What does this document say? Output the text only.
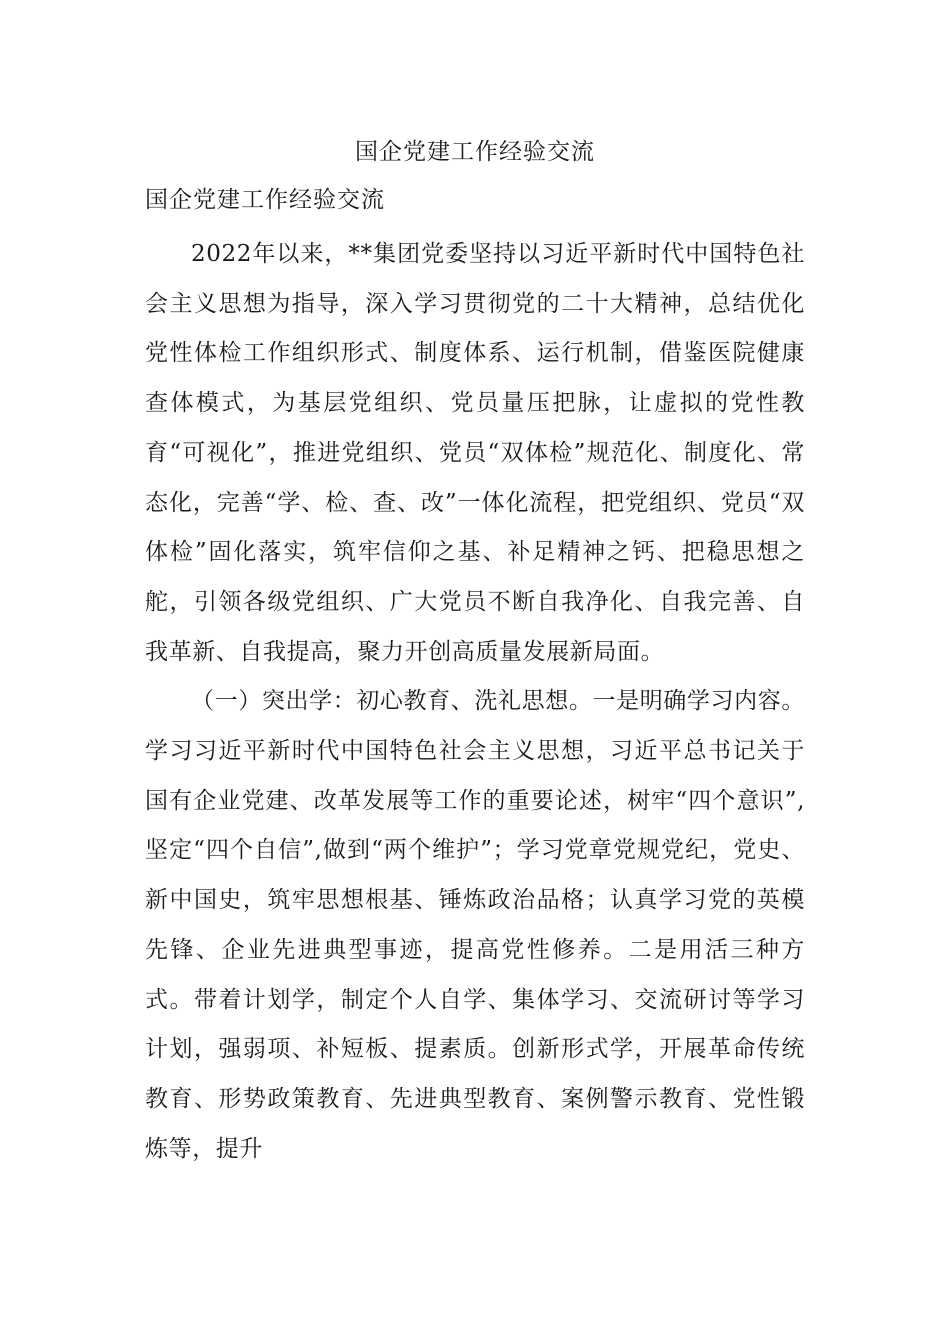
国企党建工作经验交流
国企党建工作经验交流

2022年以来，**集团党委坚持以习近平新时代中国特色社会主义思想为指导，深入学习贯彻党的二十大精神，总结优化党性体检工作组织形式、制度体系、运行机制，借鉴医院健康查体模式，为基层党组织、党员量压把脉，让虚拟的党性教育“可视化”，推进党组织、党员“双体检”规范化、制度化、常态化，完善“学、检、查、改”一体化流程，把党组织、党员“双体检”固化落实，筑牢信仰之基、补足精神之钙、把稳思想之舵，引领各级党组织、广大党员不断自我净化、自我完善、自我革新、自我提高，聚力开创高质量发展新局面。

（一）突出学：初心教育、洗礼思想。一是明确学习内容。学习习近平新时代中国特色社会主义思想，习近平总书记关于国有企业党建、改革发展等工作的重要论述，树牢“四个意识”,坚定“四个自信”,做到“两个维护”；学习党章党规党纪，党史、新中国史，筑牢思想根基、锤炼政治品格；认真学习党的英模先锋、企业先进典型事迹，提高党性修养。二是用活三种方式。带着计划学，制定个人自学、集体学习、交流研讨等学习计划，强弱项、补短板、提素质。创新形式学，开展革命传统教育、形势政策教育、先进典型教育、案例警示教育、党性锻炼等，提升
